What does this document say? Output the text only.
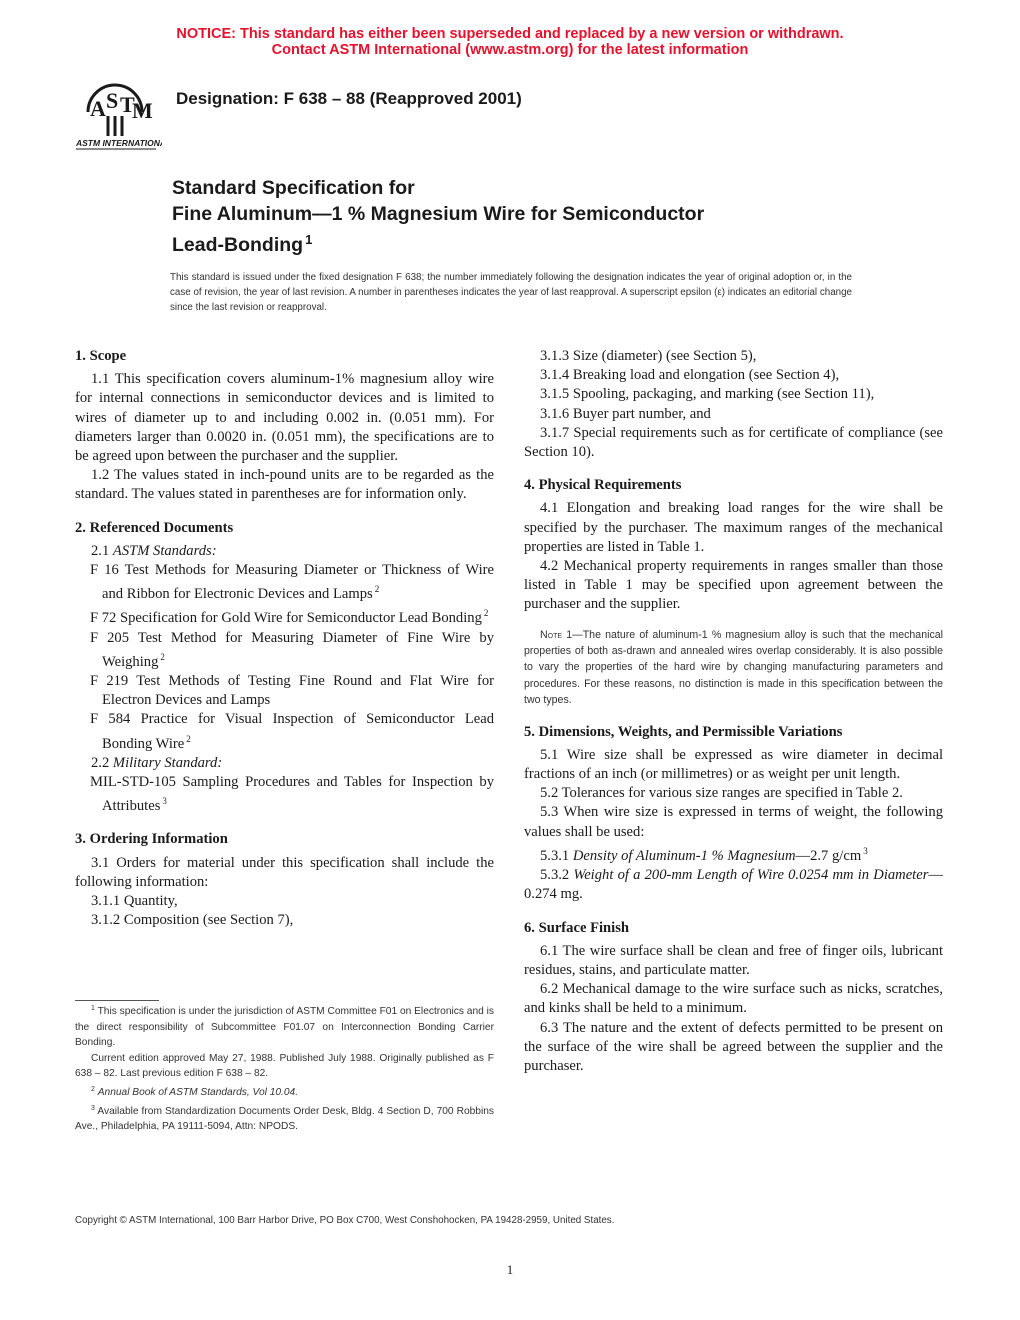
NOTICE: This standard has either been superseded and replaced by a new version or withdrawn.
Contact ASTM International (www.astm.org) for the latest information
A S T
M
ASTM INTERNATIONAL
Designation: F 638 – 88 (Reapproved 2001)
Standard Specification for
Fine Aluminum—1 % Magnesium Wire for Semiconductor
Lead-Bonding $^1$
This standard is issued under the fixed designation F 638; the number immediately following the designation indicates the year of original adoption or, in the case of revision, the year of last revision. A number in parentheses indicates the year of last reapproval. A superscript epsilon (ε) indicates an editorial change since the last revision or reapproval.

1. Scope

1.1 This specification covers aluminum-1% magnesium alloy wire for internal connections in semiconductor devices and is limited to wires of diameter up to and including 0.002 in. (0.051 mm). For diameters larger than 0.0020 in. (0.051 mm), the specifications are to be agreed upon between the purchaser and the supplier.

1.2 The values stated in inch-pound units are to be regarded as the standard. The values stated in parentheses are for information only.

2. Referenced Documents

2.1 ASTM Standards:

F 16 Test Methods for Measuring Diameter or Thickness of Wire and Ribbon for Electronic Devices and Lamps $^2$

F 72 Specification for Gold Wire for Semiconductor Lead Bonding $^2$

F 205 Test Method for Measuring Diameter of Fine Wire by Weighing $^2$

F 219 Test Methods of Testing Fine Round and Flat Wire for Electron Devices and Lamps

F 584 Practice for Visual Inspection of Semiconductor Lead Bonding Wire $^2$

2.2 Military Standard:

MIL-STD-105 Sampling Procedures and Tables for Inspection by Attributes $^3$

3. Ordering Information

3.1 Orders for material under this specification shall include the following information:

3.1.1 Quantity,

3.1.2 Composition (see Section 7),

$^1$ This specification is under the jurisdiction of ASTM Committee F01 on Electronics and is the direct responsibility of Subcommittee F01.07 on Interconnection Bonding Carrier Bonding.

Current edition approved May 27, 1988. Published July 1988. Originally published as F 638 – 82. Last previous edition F 638 – 82.

$^2$ Annual Book of ASTM Standards, Vol 10.04.

$^3$ Available from Standardization Documents Order Desk, Bldg. 4 Section D, 700 Robbins Ave., Philadelphia, PA 19111-5094, Attn: NPODS.

3.1.3 Size (diameter) (see Section 5),

3.1.4 Breaking load and elongation (see Section 4),

3.1.5 Spooling, packaging, and marking (see Section 11),

3.1.6 Buyer part number, and

3.1.7 Special requirements such as for certificate of compliance (see Section 10).

4. Physical Requirements

4.1 Elongation and breaking load ranges for the wire shall be specified by the purchaser. The maximum ranges of the mechanical properties are listed in Table 1.

4.2 Mechanical property requirements in ranges smaller than those listed in Table 1 may be specified upon agreement between the purchaser and the supplier.

Note 1—The nature of aluminum-1 % magnesium alloy is such that the mechanical properties of both as-drawn and annealed wires overlap considerably. It is also possible to vary the properties of the hard wire by changing manufacturing parameters and procedures. For these reasons, no distinction is made in this specification between the two types.

5. Dimensions, Weights, and Permissible Variations

5.1 Wire size shall be expressed as wire diameter in decimal fractions of an inch (or millimetres) or as weight per unit length.

5.2 Tolerances for various size ranges are specified in Table 2.

5.3 When wire size is expressed in terms of weight, the following values shall be used:

5.3.1 Density of Aluminum-1 % Magnesium—2.7 g/cm $^3$

5.3.2 Weight of a 200-mm Length of Wire 0.0254 mm in Diameter—0.274 mg.

6. Surface Finish

6.1 The wire surface shall be clean and free of finger oils, lubricant residues, stains, and particulate matter.

6.2 Mechanical damage to the wire surface such as nicks, scratches, and kinks shall be held to a minimum.

6.3 The nature and the extent of defects permitted to be present on the surface of the wire shall be agreed between the supplier and the purchaser.

Copyright © ASTM International, 100 Barr Harbor Drive, PO Box C700, West Conshohocken, PA 19428-2959, United States.
1
